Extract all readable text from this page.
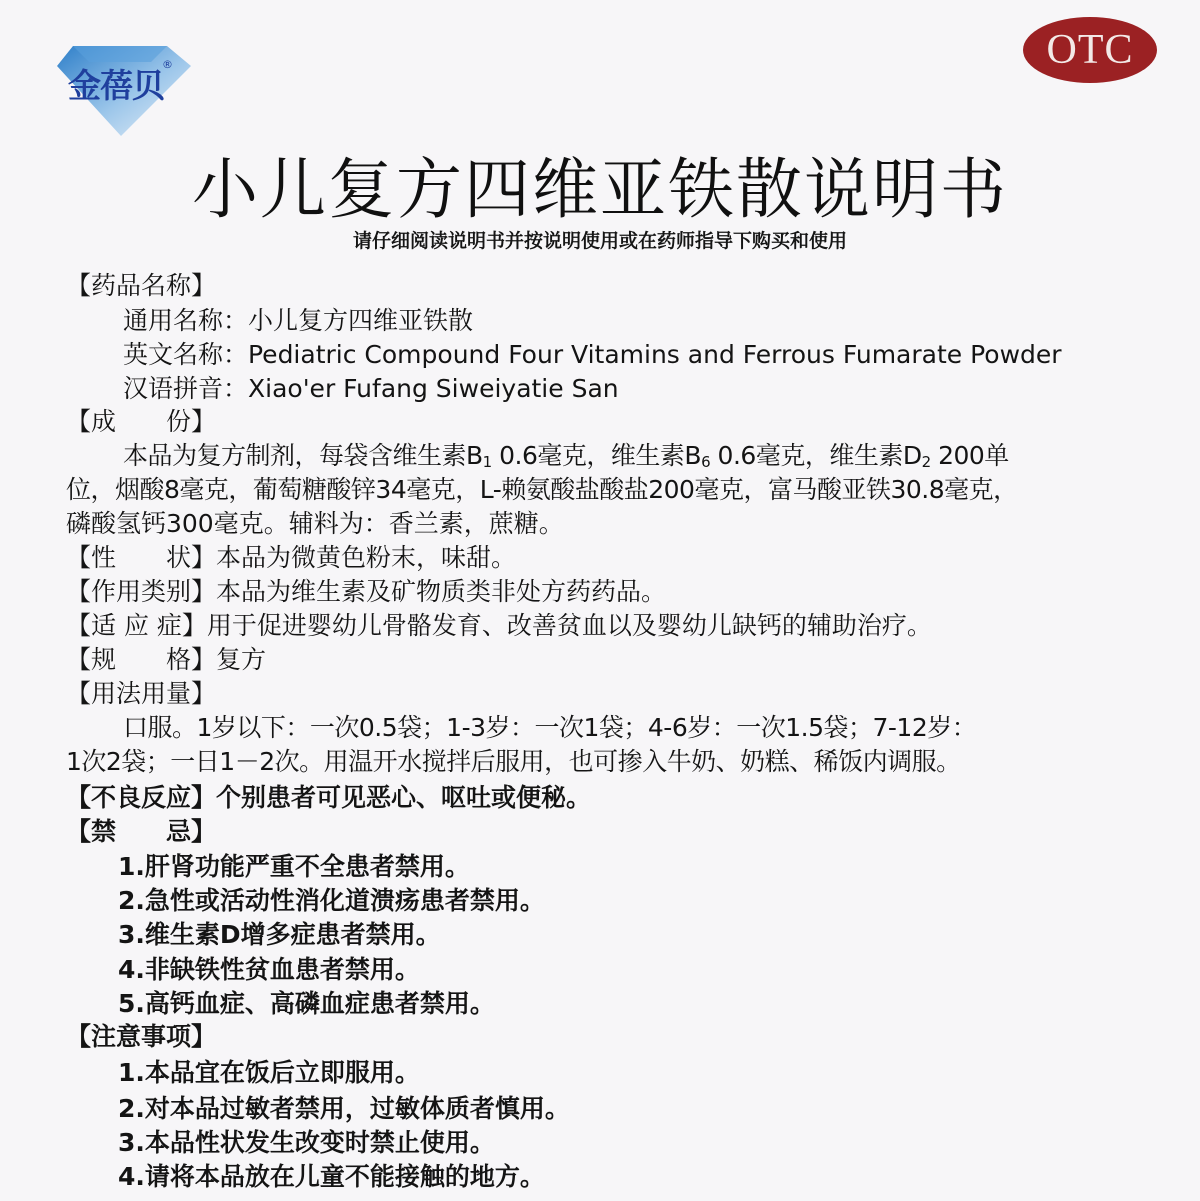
金蓓贝
®	OTC
小儿复方四维亚铁散说明书
请仔细阅读说明书并按说明使用或在药师指导下购买和使用
【药品名称】
通用名称：小儿复方四维亚铁散
英文名称：Pediatric Compound Four Vitamins and Ferrous Fumarate Powder
汉语拼音：Xiao'er Fufang Siweiyatie San
【成　　份】
本品为复方制剂，每袋含维生素$B_1$ 0.6毫克，维生素$B_6$ 0.6毫克，维生素$D_2$ 200单
位，烟酸8毫克，葡萄糖酸锌34毫克，L-赖氨酸盐酸盐200毫克，富马酸亚铁30.8毫克，
磷酸氢钙300毫克。辅料为：香兰素，蔗糖。
【性　　状】本品为微黄色粉末，味甜。
【作用类别】本品为维生素及矿物质类非处方药药品。
【适 应 症】用于促进婴幼儿骨骼发育、改善贫血以及婴幼儿缺钙的辅助治疗。
【规　　格】复方
【用法用量】
口服。1岁以下：一次0.5袋；1-3岁：一次1袋；4-6岁：一次1.5袋；7-12岁：
1次2袋；一日1－2次。用温开水搅拌后服用，也可掺入牛奶、奶糕、稀饭内调服。
【不良反应】个别患者可见恶心、呕吐或便秘。
【禁　　忌】
1.肝肾功能严重不全患者禁用。
2.急性或活动性消化道溃疡患者禁用。
3.维生素D增多症患者禁用。
4.非缺铁性贫血患者禁用。
5.高钙血症、高磷血症患者禁用。
【注意事项】
1.本品宜在饭后立即服用。
2.对本品过敏者禁用，过敏体质者慎用。
3.本品性状发生改变时禁止使用。
4.请将本品放在儿童不能接触的地方。
